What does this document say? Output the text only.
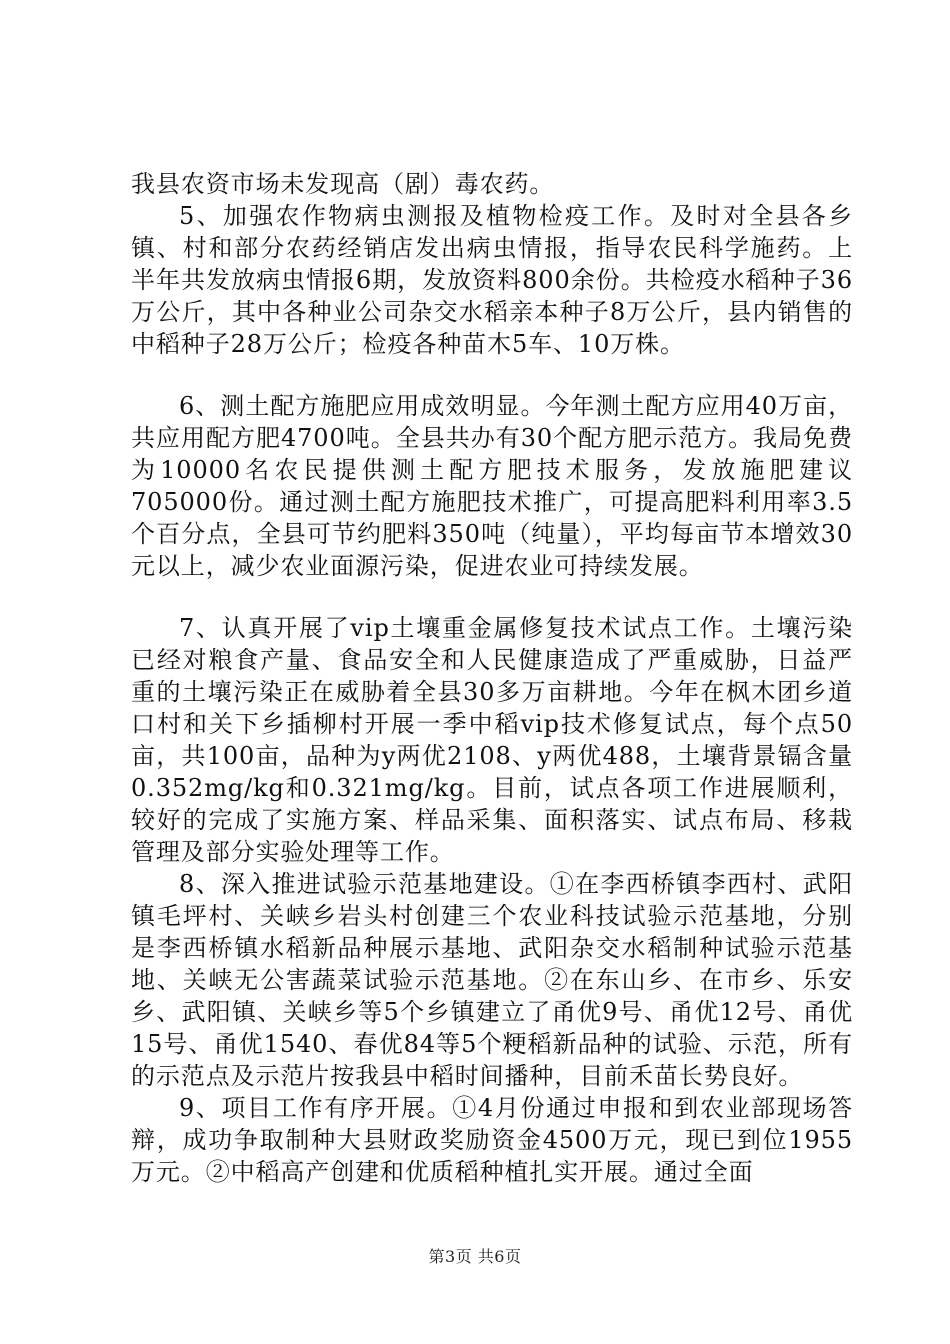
我县农资市场未发现高（剧）毒农药。

5、加强农作物病虫测报及植物检疫工作。及时对全县各乡镇、村和部分农药经销店发出病虫情报，指导农民科学施药。上半年共发放病虫情报6期，发放资料800余份。共检疫水稻种子36万公斤，其中各种业公司杂交水稻亲本种子8万公斤，县内销售的中稻种子28万公斤；检疫各种苗木5车、10万株。

6、测土配方施肥应用成效明显。今年测土配方应用40万亩，共应用配方肥4700吨。全县共办有30个配方肥示范方。我局免费为10000名农民提供测土配方肥技术服务，发放施肥建议705000份。通过测土配方施肥技术推广，可提高肥料利用率3.5个百分点，全县可节约肥料350吨（纯量），平均每亩节本增效30元以上，减少农业面源污染，促进农业可持续发展。

7、认真开展了vip土壤重金属修复技术试点工作。土壤污染已经对粮食产量、食品安全和人民健康造成了严重威胁，日益严重的土壤污染正在威胁着全县30多万亩耕地。今年在枫木团乡道口村和关下乡插柳村开展一季中稻vip技术修复试点，每个点50亩，共100亩，品种为y两优2108、y两优488，土壤背景镉含量0.352mg/kg和0.321mg/kg。目前，试点各项工作进展顺利，较好的完成了实施方案、样品采集、面积落实、试点布局、移栽管理及部分实验处理等工作。

8、深入推进试验示范基地建设。①在李西桥镇李西村、武阳镇毛坪村、关峡乡岩头村创建三个农业科技试验示范基地，分别是李西桥镇水稻新品种展示基地、武阳杂交水稻制种试验示范基地、关峡无公害蔬菜试验示范基地。②在东山乡、在市乡、乐安乡、武阳镇、关峡乡等5个乡镇建立了甬优9号、甬优12号、甬优15号、甬优1540、春优84等5个粳稻新品种的试验、示范，所有的示范点及示范片按我县中稻时间播种，目前禾苗长势良好。

9、项目工作有序开展。①4月份通过申报和到农业部现场答辩，成功争取制种大县财政奖励资金4500万元，现已到位1955万元。②中稻高产创建和优质稻种植扎实开展。通过全面

第3页 共6页
